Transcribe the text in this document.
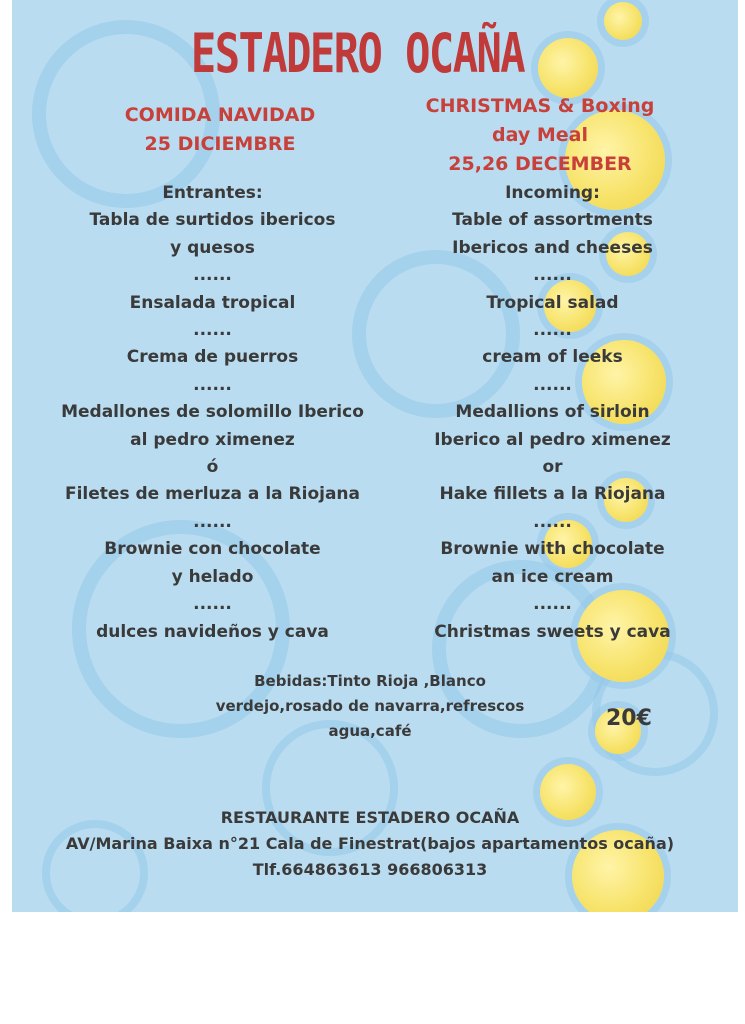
ESTADERO OCAÑA
COMIDA NAVIDAD
25 DICIEMBRE
CHRISTMAS & Boxing
day Meal
25,26 DECEMBER
Entrantes:
Tabla de surtidos ibericos
y quesos
......
Ensalada tropical
......
Crema de puerros
......
Medallones de solomillo Iberico
al pedro ximenez
ó
Filetes de merluza a la Riojana
......
Brownie con chocolate
y helado
......
dulces navideños y cava
Incoming:
Table of assortments
Ibericos and cheeses
......
Tropical salad
......
cream of leeks
......
Medallions of sirloin
Iberico al pedro ximenez
or
Hake fillets a la Riojana
......
Brownie with chocolate
an ice cream
......
Christmas sweets y cava
Bebidas:Tinto Rioja ,Blanco
verdejo,rosado de navarra,refrescos
agua,café	20€
RESTAURANTE ESTADERO OCAÑA
AV/Marina Baixa n°21 Cala de Finestrat(bajos apartamentos ocaña)
Tlf.664863613 966806313
